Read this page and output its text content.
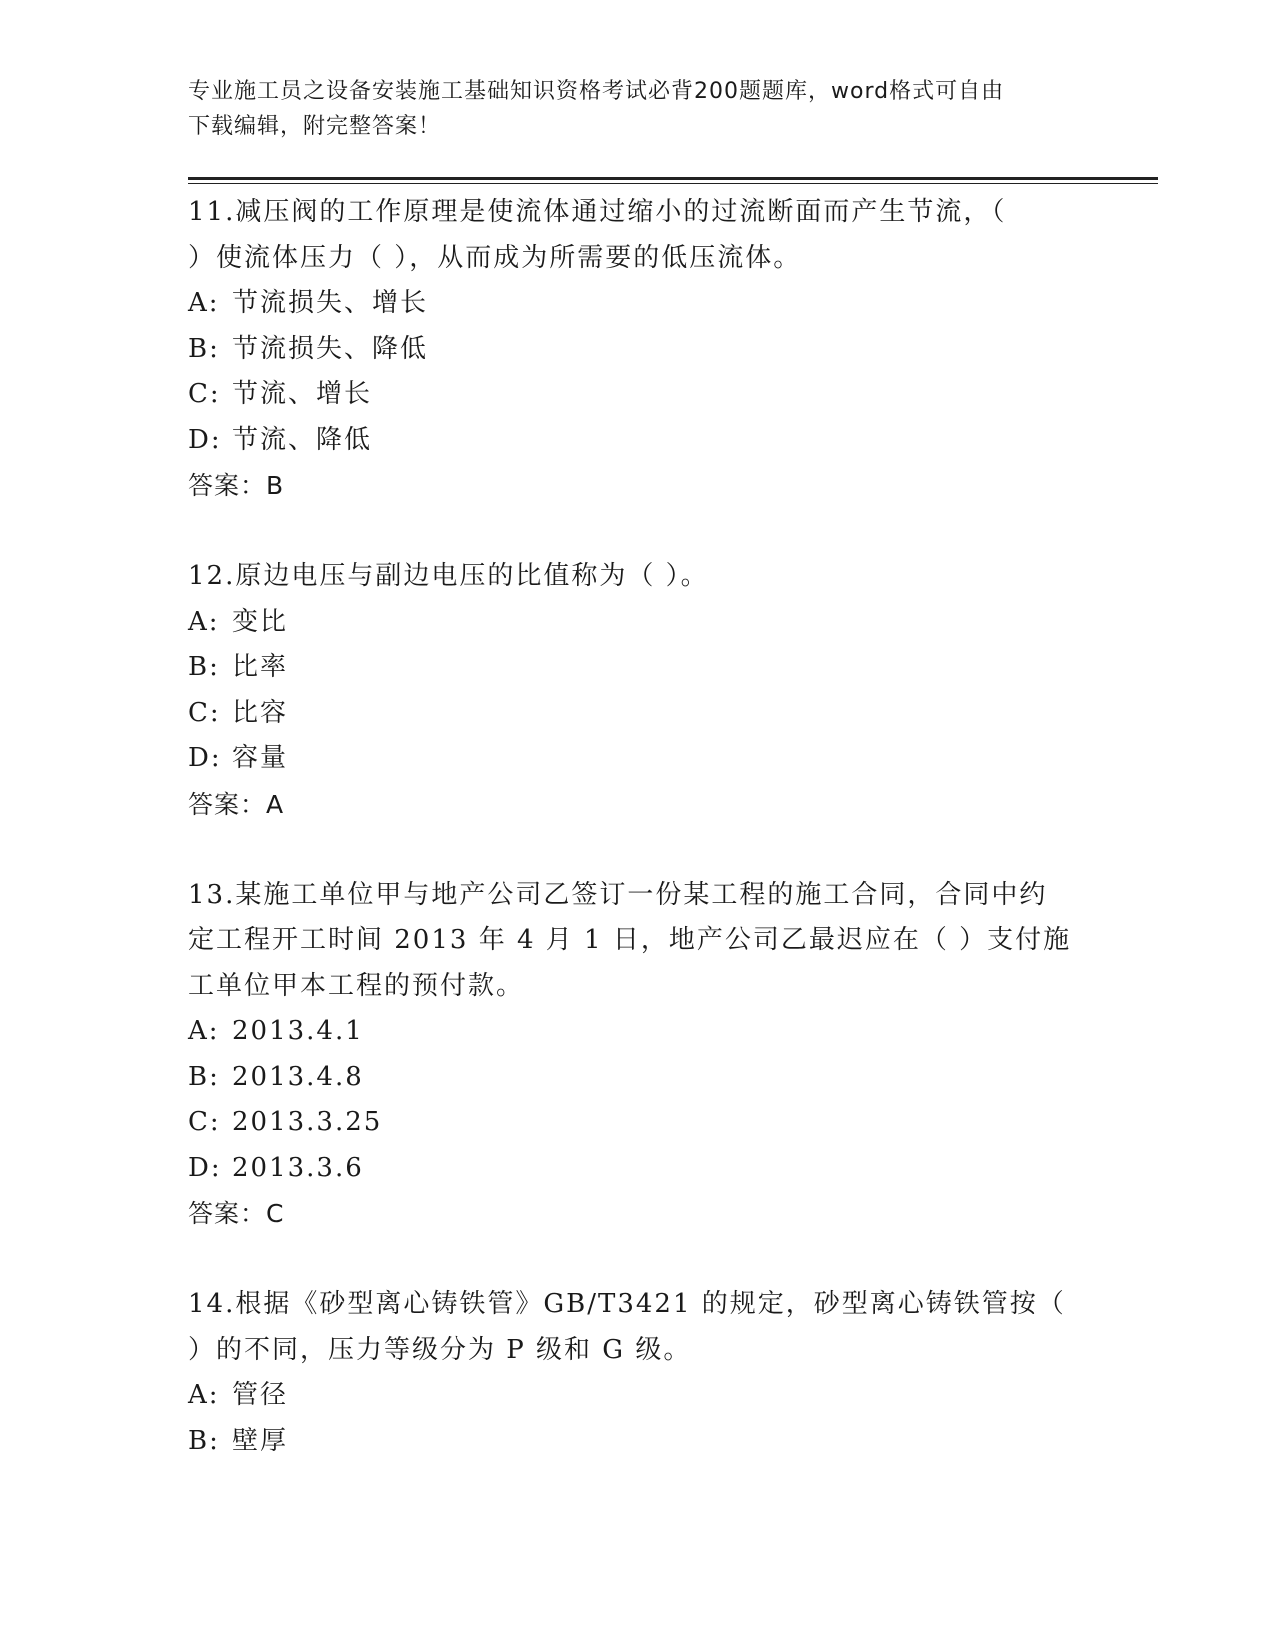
专业施工员之设备安装施工基础知识资格考试必背200题题库，word格式可自由
下载编辑，附完整答案！
11.减压阀的工作原理是使流体通过缩小的过流断面而产生节流，（
）使流体压力（ ），从而成为所需要的低压流体。
A: 节流损失、增长
B: 节流损失、降低
C: 节流、增长
D: 节流、降低
答案：B
12.原边电压与副边电压的比值称为（ ）。
A: 变比
B: 比率
C: 比容
D: 容量
答案：A
13.某施工单位甲与地产公司乙签订一份某工程的施工合同，合同中约
定工程开工时间 2013 年 4 月 1 日，地产公司乙最迟应在（ ）支付施
工单位甲本工程的预付款。
A: 2013.4.1
B: 2013.4.8
C: 2013.3.25
D: 2013.3.6
答案：C
14.根据《砂型离心铸铁管》GB/T3421 的规定，砂型离心铸铁管按（
）的不同，压力等级分为 P 级和 G 级。
A: 管径
B: 壁厚
